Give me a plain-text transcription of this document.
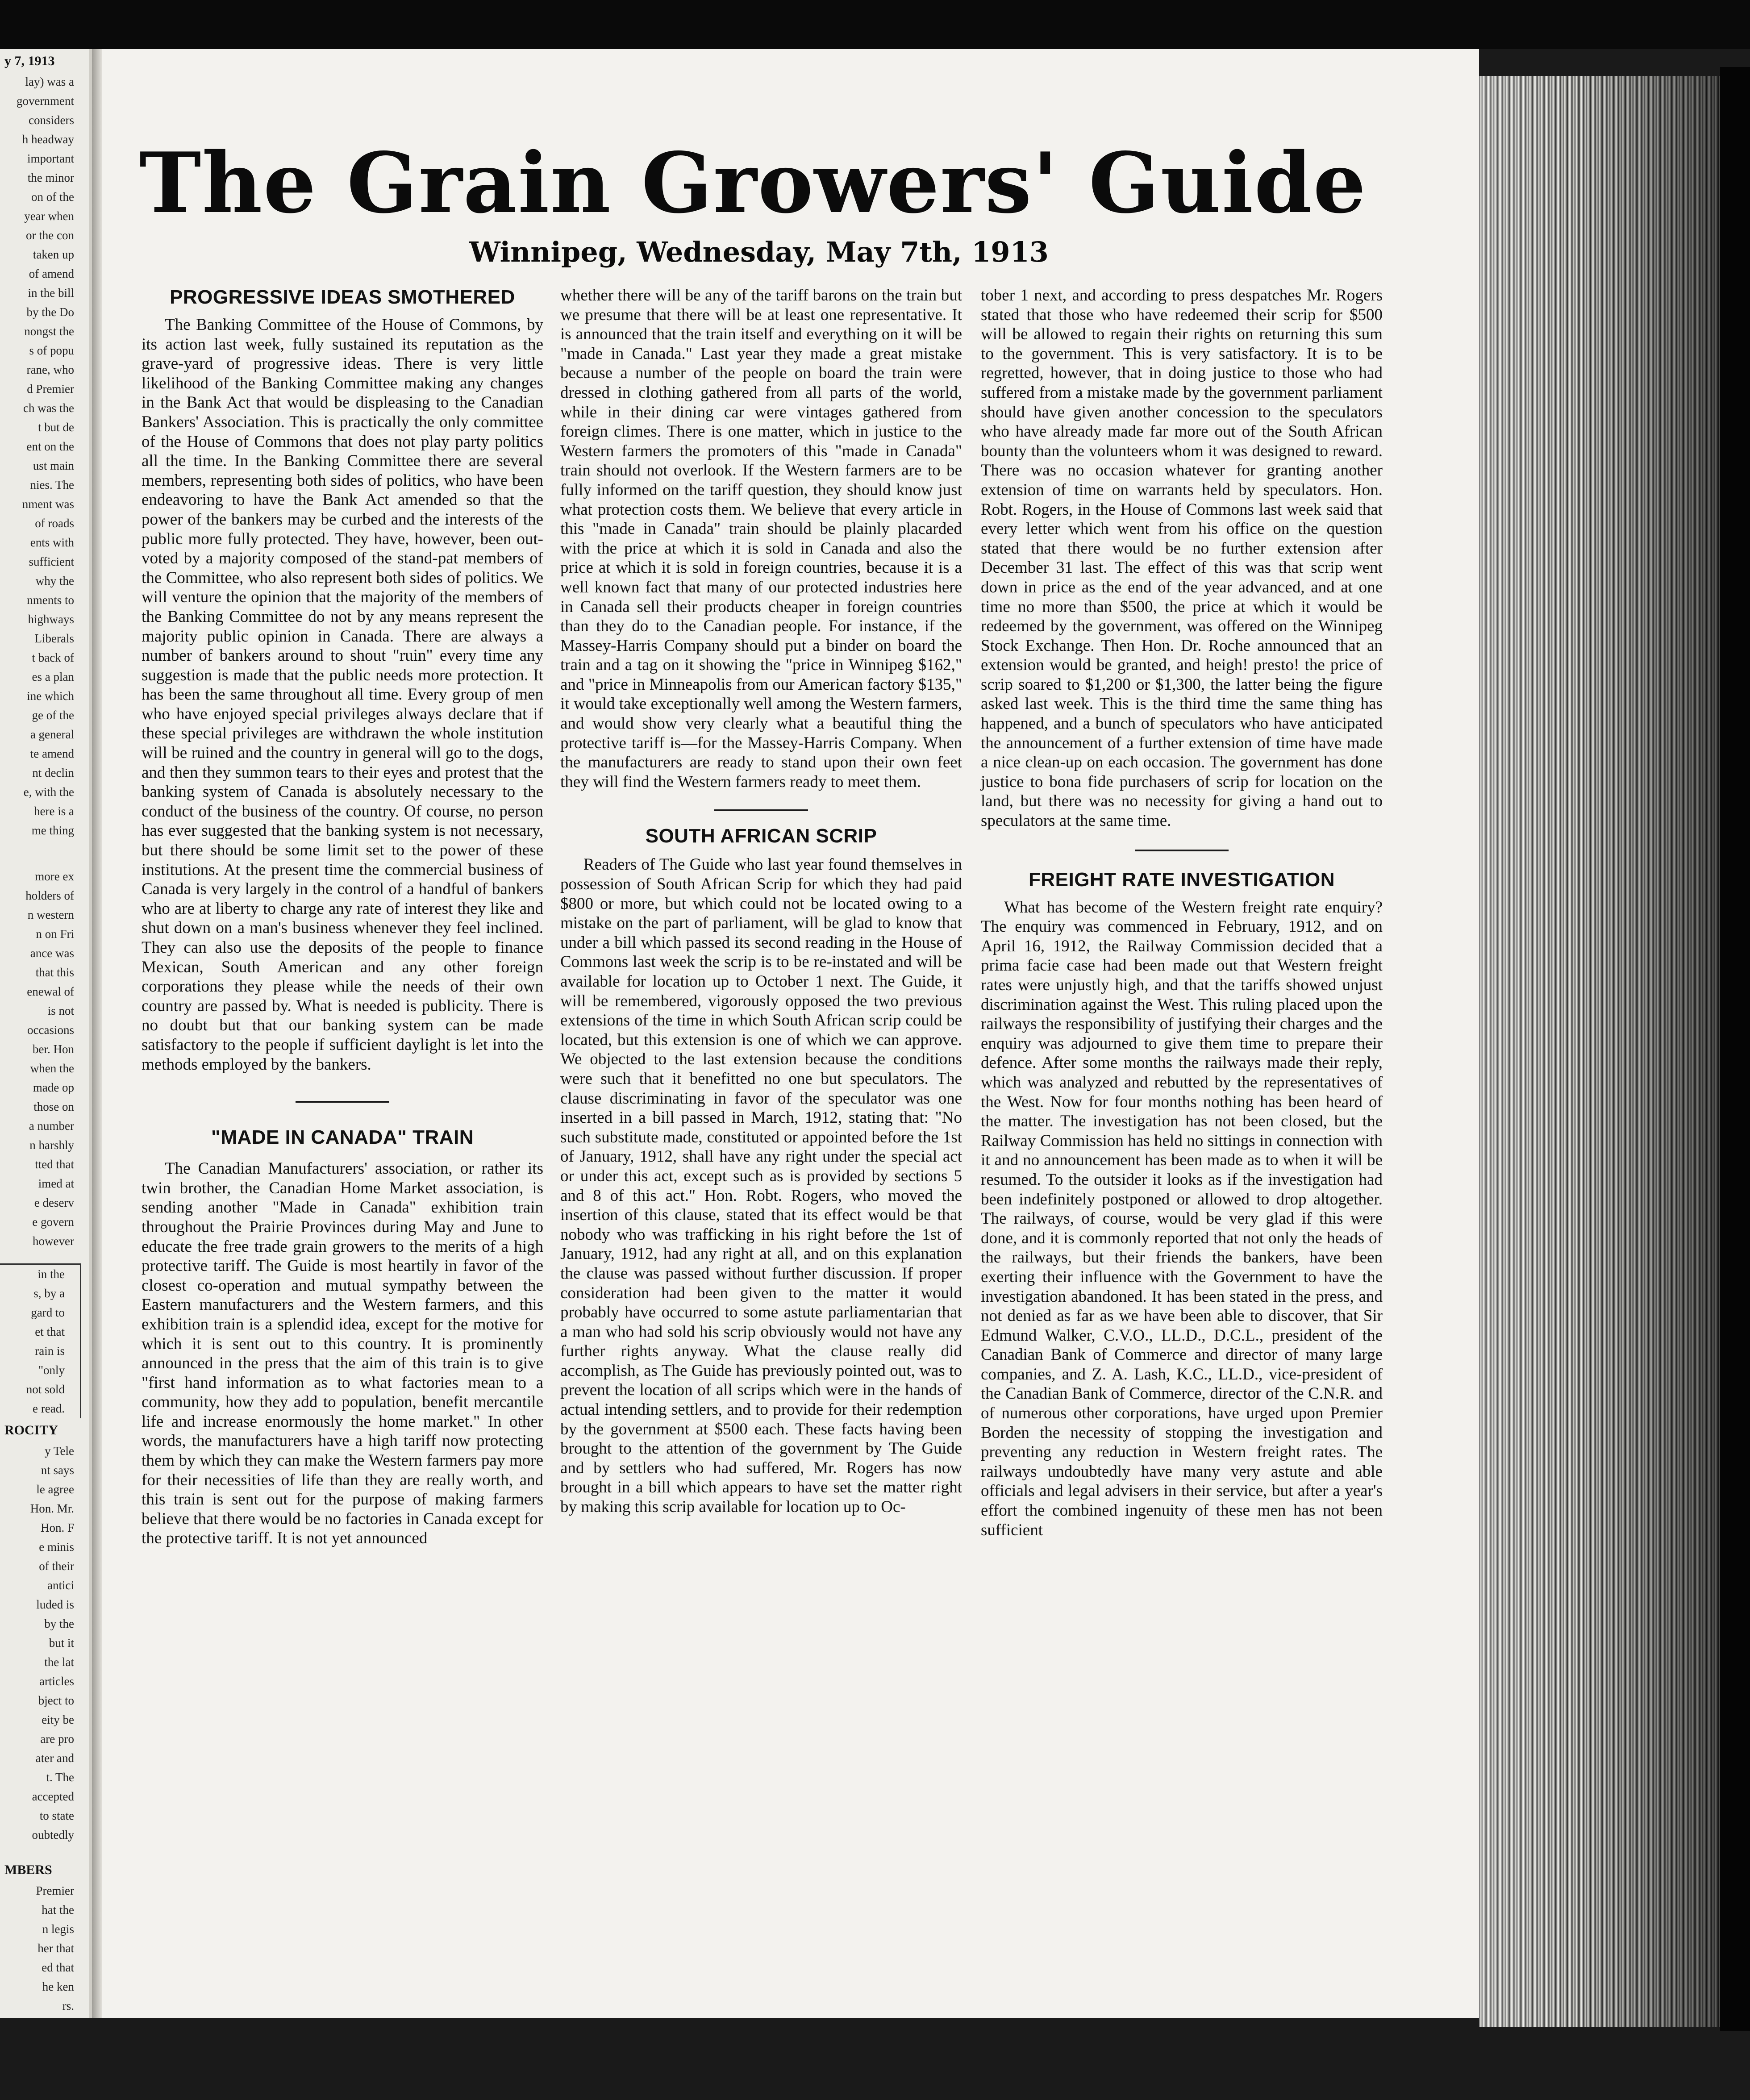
y 7, 1913
lay) was a
government
considers
h headway
important
the minor
on of the
year when
or the con
taken up
of amend
in the bill
by the Do
nongst the
s of popu
rane, who
d Premier
ch was the
t but de
ent on the
ust main
nies. The
nment was
of roads
ents with
sufficient
why the
nments to
highways
Liberals
t back of
es a plan
ine which
ge of the
a general
te amend
nt declin
e, with the
here is a
me thing
more ex
holders of
n western
n on Fri
ance was
that this
enewal of
is not
occasions
ber. Hon
when the
made op
those on
a number
n harshly
tted that
imed at
e deserv
e govern
however
in the
s, by a
gard to
et that
rain is
"only
not sold
e read.
ROCITY
y Tele
nt says
le agree
Hon. Mr.
Hon. F
e minis
of their
antici
luded is
by the
but it
the lat
articles
bject to
eity be
are pro
ater and
t. The
accepted
to state
oubtedly
MBERS
Premier
hat the
n legis
her that
ed that
he ken
rs.
The Grain Growers' Guide
Winnipeg, Wednesday, May 7th, 1913
PROGRESSIVE IDEAS SMOTHERED

The Banking Committee of the House of Commons, by its action last week, fully sustained its reputation as the grave-yard of progressive ideas. There is very little likelihood of the Banking Committee making any changes in the Bank Act that would be displeasing to the Canadian Bankers' Association. This is practically the only committee of the House of Commons that does not play party politics all the time. In the Banking Committee there are several members, representing both sides of politics, who have been endeavoring to have the Bank Act amended so that the power of the bankers may be curbed and the interests of the public more fully protected. They have, however, been out-voted by a majority composed of the stand-pat members of the Committee, who also represent both sides of politics. We will venture the opinion that the majority of the members of the Banking Committee do not by any means represent the majority public opinion in Canada. There are always a number of bankers around to shout "ruin" every time any suggestion is made that the public needs more protection. It has been the same throughout all time. Every group of men who have enjoyed special privileges always declare that if these special privileges are withdrawn the whole institution will be ruined and the country in general will go to the dogs, and then they summon tears to their eyes and protest that the banking system of Canada is absolutely necessary to the conduct of the business of the country. Of course, no person has ever suggested that the banking system is not necessary, but there should be some limit set to the power of these institutions. At the present time the commercial business of Canada is very largely in the control of a handful of bankers who are at liberty to charge any rate of interest they like and shut down on a man's business whenever they feel inclined. They can also use the deposits of the people to finance Mexican, South American and any other foreign corporations they please while the needs of their own country are passed by. What is needed is publicity. There is no doubt but that our banking system can be made satisfactory to the people if sufficient daylight is let into the methods employed by the bankers.

"MADE IN CANADA" TRAIN

The Canadian Manufacturers' association, or rather its twin brother, the Canadian Home Market association, is sending another "Made in Canada" exhibition train throughout the Prairie Provinces during May and June to educate the free trade grain growers to the merits of a high protective tariff. The Guide is most heartily in favor of the closest co-operation and mutual sympathy between the Eastern manufacturers and the Western farmers, and this exhibition train is a splendid idea, except for the motive for which it is sent out to this country. It is prominently announced in the press that the aim of this train is to give "first hand information as to what factories mean to a community, how they add to population, benefit mercantile life and increase enormously the home market." In other words, the manufacturers have a high tariff now protecting them by which they can make the Western farmers pay more for their necessities of life than they are really worth, and this train is sent out for the purpose of making farmers believe that there would be no factories in Canada except for the protective tariff. It is not yet announced

whether there will be any of the tariff barons on the train but we presume that there will be at least one representative. It is announced that the train itself and everything on it will be "made in Canada." Last year they made a great mistake because a number of the people on board the train were dressed in clothing gathered from all parts of the world, while in their dining car were vintages gathered from foreign climes. There is one matter, which in justice to the Western farmers the promoters of this "made in Canada" train should not overlook. If the Western farmers are to be fully informed on the tariff question, they should know just what protection costs them. We believe that every article in this "made in Canada" train should be plainly placarded with the price at which it is sold in Canada and also the price at which it is sold in foreign countries, because it is a well known fact that many of our protected industries here in Canada sell their products cheaper in foreign countries than they do to the Canadian people. For instance, if the Massey-Harris Company should put a binder on board the train and a tag on it showing the "price in Winnipeg $162," and "price in Minneapolis from our American factory $135," it would take exceptionally well among the Western farmers, and would show very clearly what a beautiful thing the protective tariff is—for the Massey-Harris Company. When the manufacturers are ready to stand upon their own feet they will find the Western farmers ready to meet them.

SOUTH AFRICAN SCRIP

Readers of The Guide who last year found themselves in possession of South African Scrip for which they had paid $800 or more, but which could not be located owing to a mistake on the part of parliament, will be glad to know that under a bill which passed its second reading in the House of Commons last week the scrip is to be re-instated and will be available for location up to October 1 next. The Guide, it will be remembered, vigorously opposed the two previous extensions of the time in which South African scrip could be located, but this extension is one of which we can approve. We objected to the last extension because the conditions were such that it benefitted no one but speculators. The clause discriminating in favor of the speculator was one inserted in a bill passed in March, 1912, stating that: "No such substitute made, constituted or appointed before the 1st of January, 1912, shall have any right under the special act or under this act, except such as is provided by sections 5 and 8 of this act." Hon. Robt. Rogers, who moved the insertion of this clause, stated that its effect would be that nobody who was trafficking in his right before the 1st of January, 1912, had any right at all, and on this explanation the clause was passed without further discussion. If proper consideration had been given to the matter it would probably have occurred to some astute parliamentarian that a man who had sold his scrip obviously would not have any further rights anyway. What the clause really did accomplish, as The Guide has previously pointed out, was to prevent the location of all scrips which were in the hands of actual intending settlers, and to provide for their redemption by the government at $500 each. These facts having been brought to the attention of the government by The Guide and by settlers who had suffered, Mr. Rogers has now brought in a bill which appears to have set the matter right by making this scrip available for location up to Oc-

tober 1 next, and according to press despatches Mr. Rogers stated that those who have redeemed their scrip for $500 will be allowed to regain their rights on returning this sum to the government. This is very satisfactory. It is to be regretted, however, that in doing justice to those who had suffered from a mistake made by the government parliament should have given another concession to the speculators who have already made far more out of the South African bounty than the volunteers whom it was designed to reward. There was no occasion whatever for granting another extension of time on warrants held by speculators. Hon. Robt. Rogers, in the House of Commons last week said that every letter which went from his office on the question stated that there would be no further extension after December 31 last. The effect of this was that scrip went down in price as the end of the year advanced, and at one time no more than $500, the price at which it would be redeemed by the government, was offered on the Winnipeg Stock Exchange. Then Hon. Dr. Roche announced that an extension would be granted, and heigh! presto! the price of scrip soared to $1,200 or $1,300, the latter being the figure asked last week. This is the third time the same thing has happened, and a bunch of speculators who have anticipated the announcement of a further extension of time have made a nice clean-up on each occasion. The government has done justice to bona fide purchasers of scrip for location on the land, but there was no necessity for giving a hand out to speculators at the same time.

FREIGHT RATE INVESTIGATION

What has become of the Western freight rate enquiry? The enquiry was commenced in February, 1912, and on April 16, 1912, the Railway Commission decided that a prima facie case had been made out that Western freight rates were unjustly high, and that the tariffs showed unjust discrimination against the West. This ruling placed upon the railways the responsibility of justifying their charges and the enquiry was adjourned to give them time to prepare their defence. After some months the railways made their reply, which was analyzed and rebutted by the representatives of the West. Now for four months nothing has been heard of the matter. The investigation has not been closed, but the Railway Commission has held no sittings in connection with it and no announcement has been made as to when it will be resumed. To the outsider it looks as if the investigation had been indefinitely postponed or allowed to drop altogether. The railways, of course, would be very glad if this were done, and it is commonly reported that not only the heads of the railways, but their friends the bankers, have been exerting their influence with the Government to have the investigation abandoned. It has been stated in the press, and not denied as far as we have been able to discover, that Sir Edmund Walker, C.V.O., LL.D., D.C.L., president of the Canadian Bank of Commerce and director of many large companies, and Z. A. Lash, K.C., LL.D., vice-president of the Canadian Bank of Commerce, director of the C.N.R. and of numerous other corporations, have urged upon Premier Borden the necessity of stopping the investigation and preventing any reduction in Western freight rates. The railways undoubtedly have many very astute and able officials and legal advisers in their service, but after a year's effort the combined ingenuity of these men has not been sufficient
